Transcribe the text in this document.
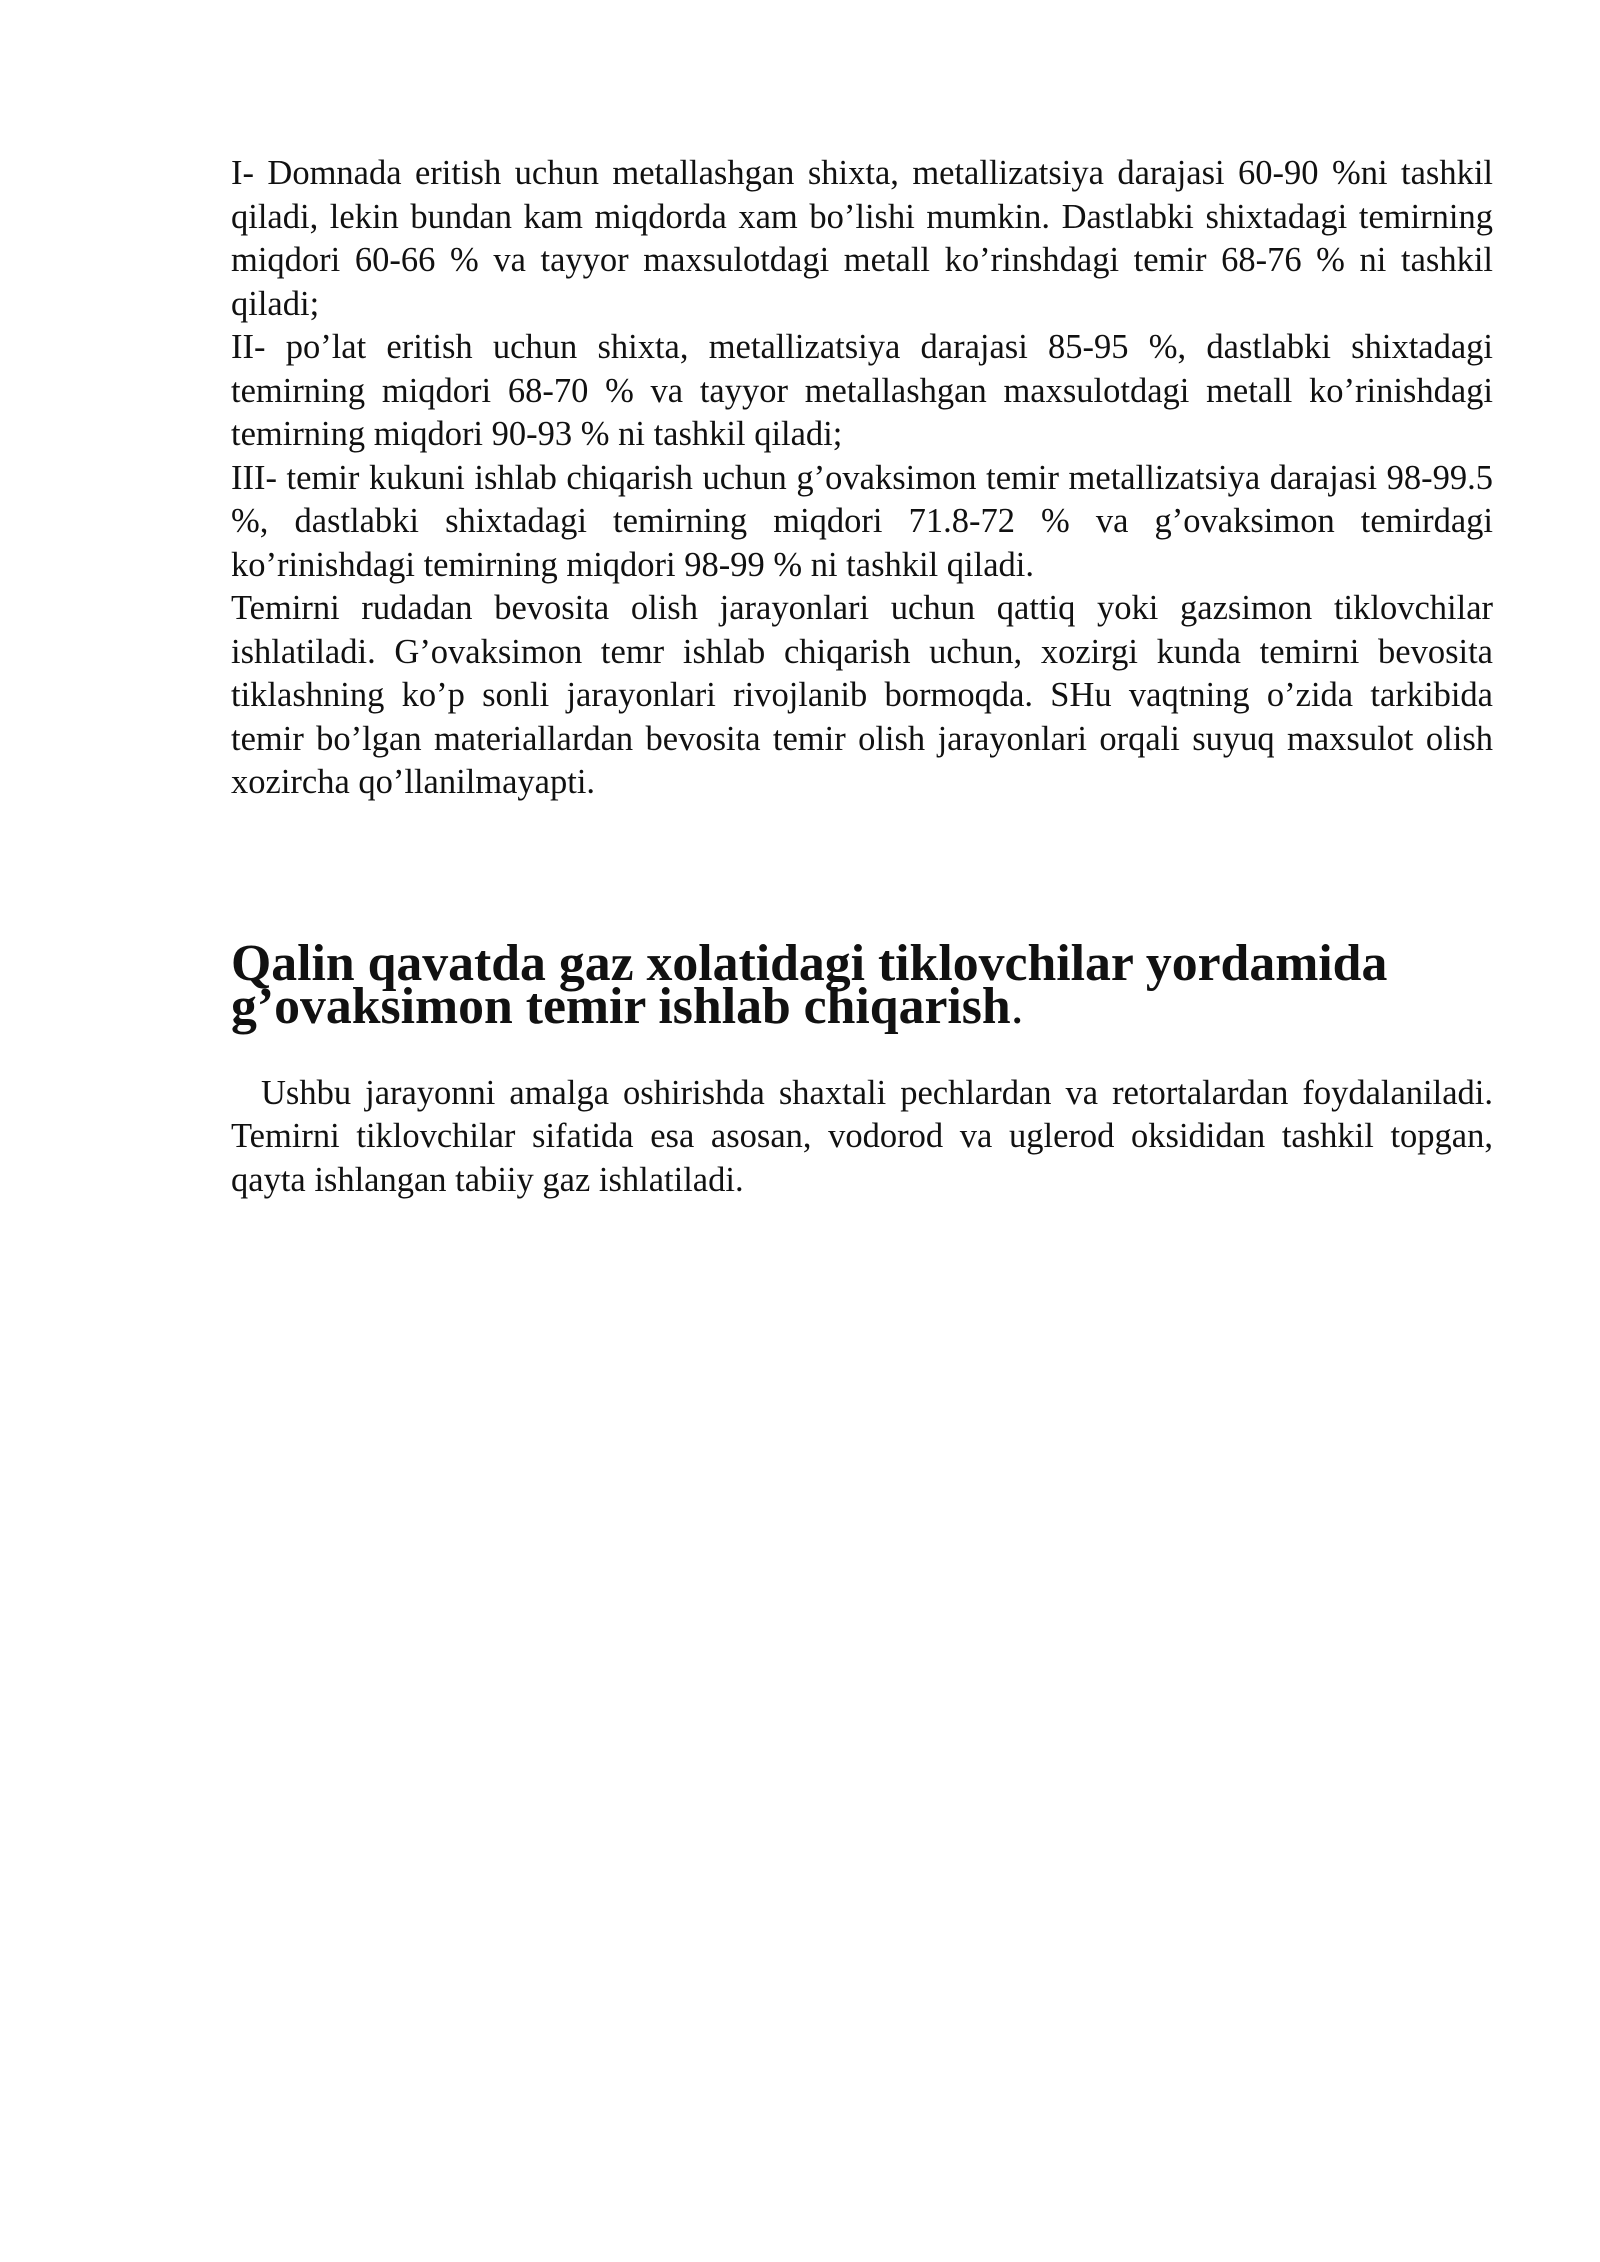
I- Domnada eritish uchun metallashgan shixta, metallizatsiya darajasi 60-90 %ni tashkil qiladi, lekin bundan kam miqdorda xam bo’lishi mumkin. Dastlabki shixtadagi temirning miqdori 60-66 % va tayyor maxsulotdagi metall ko’rinshdagi temir 68-76 % ni tashkil qiladi;

II- po’lat eritish uchun shixta, metallizatsiya darajasi 85-95 %, dastlabki shixtadagi temirning miqdori 68-70 % va tayyor metallashgan maxsulotdagi metall ko’rinishdagi temirning miqdori 90-93 % ni tashkil qiladi;

III- temir kukuni ishlab chiqarish uchun g’ovaksimon temir metallizatsiya darajasi 98-99.5 %, dastlabki shixtadagi temirning miqdori 71.8-72 % va g’ovaksimon temirdagi ko’rinishdagi temirning miqdori 98-99 % ni tashkil qiladi.

Temirni rudadan bevosita olish jarayonlari uchun qattiq yoki gazsimon tiklovchilar ishlatiladi. G’ovaksimon temr ishlab chiqarish uchun, xozirgi kunda temirni bevosita tiklashning ko’p sonli jarayonlari rivojlanib bormoqda. SHu vaqtning o’zida tarkibida temir bo’lgan materiallardan bevosita temir olish jarayonlari orqali suyuq maxsulot olish xozircha qo’llanilmayapti.

Qalin qavatda gaz xolatidagi tiklovchilar yordamida g’ovaksimon temir ishlab chiqarish.

Ushbu jarayonni amalga oshirishda shaxtali pechlardan va retortalardan foydalaniladi. Temirni tiklovchilar sifatida esa asosan, vodorod va uglerod oksididan tashkil topgan, qayta ishlangan tabiiy gaz ishlatiladi.
